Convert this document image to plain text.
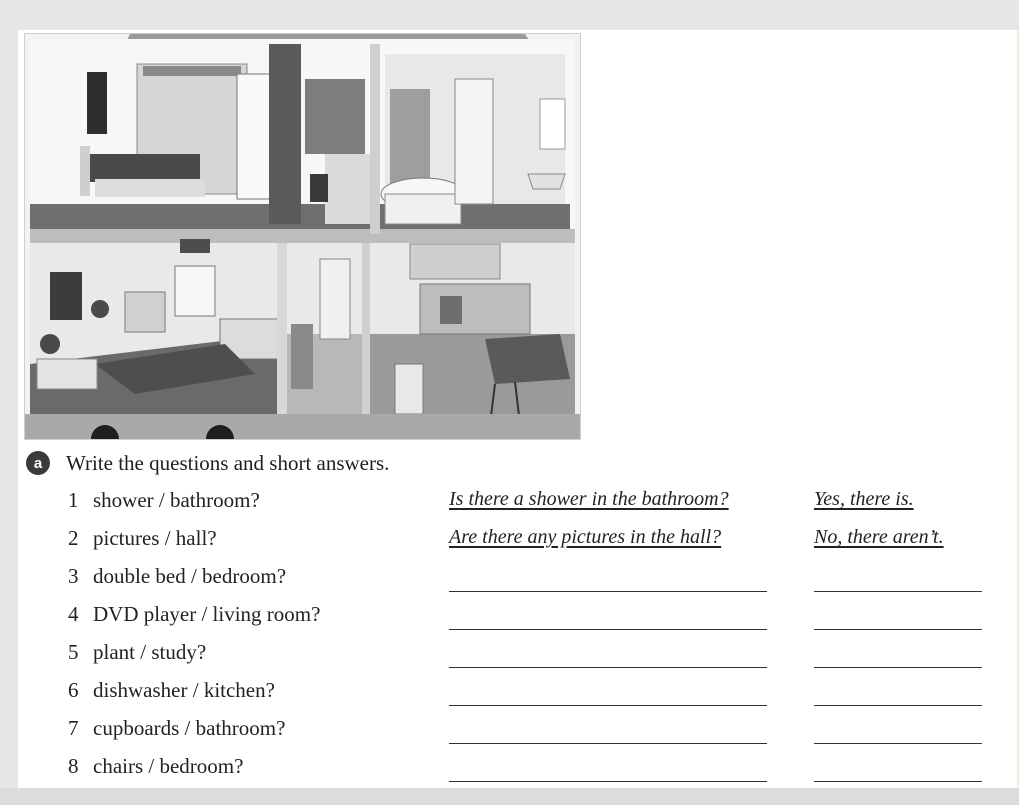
a	Write the questions and short answers.
1 shower / bathroom?	Is there a shower in the bathroom?	Yes, there is.
2 pictures / hall?	Are there any pictures in the hall?	No, there aren’t.
3 double bed / bedroom?
4 DVD player / living room?
5 plant / study?
6 dishwasher / kitchen?
7 cupboards / bathroom?
8 chairs / bedroom?
